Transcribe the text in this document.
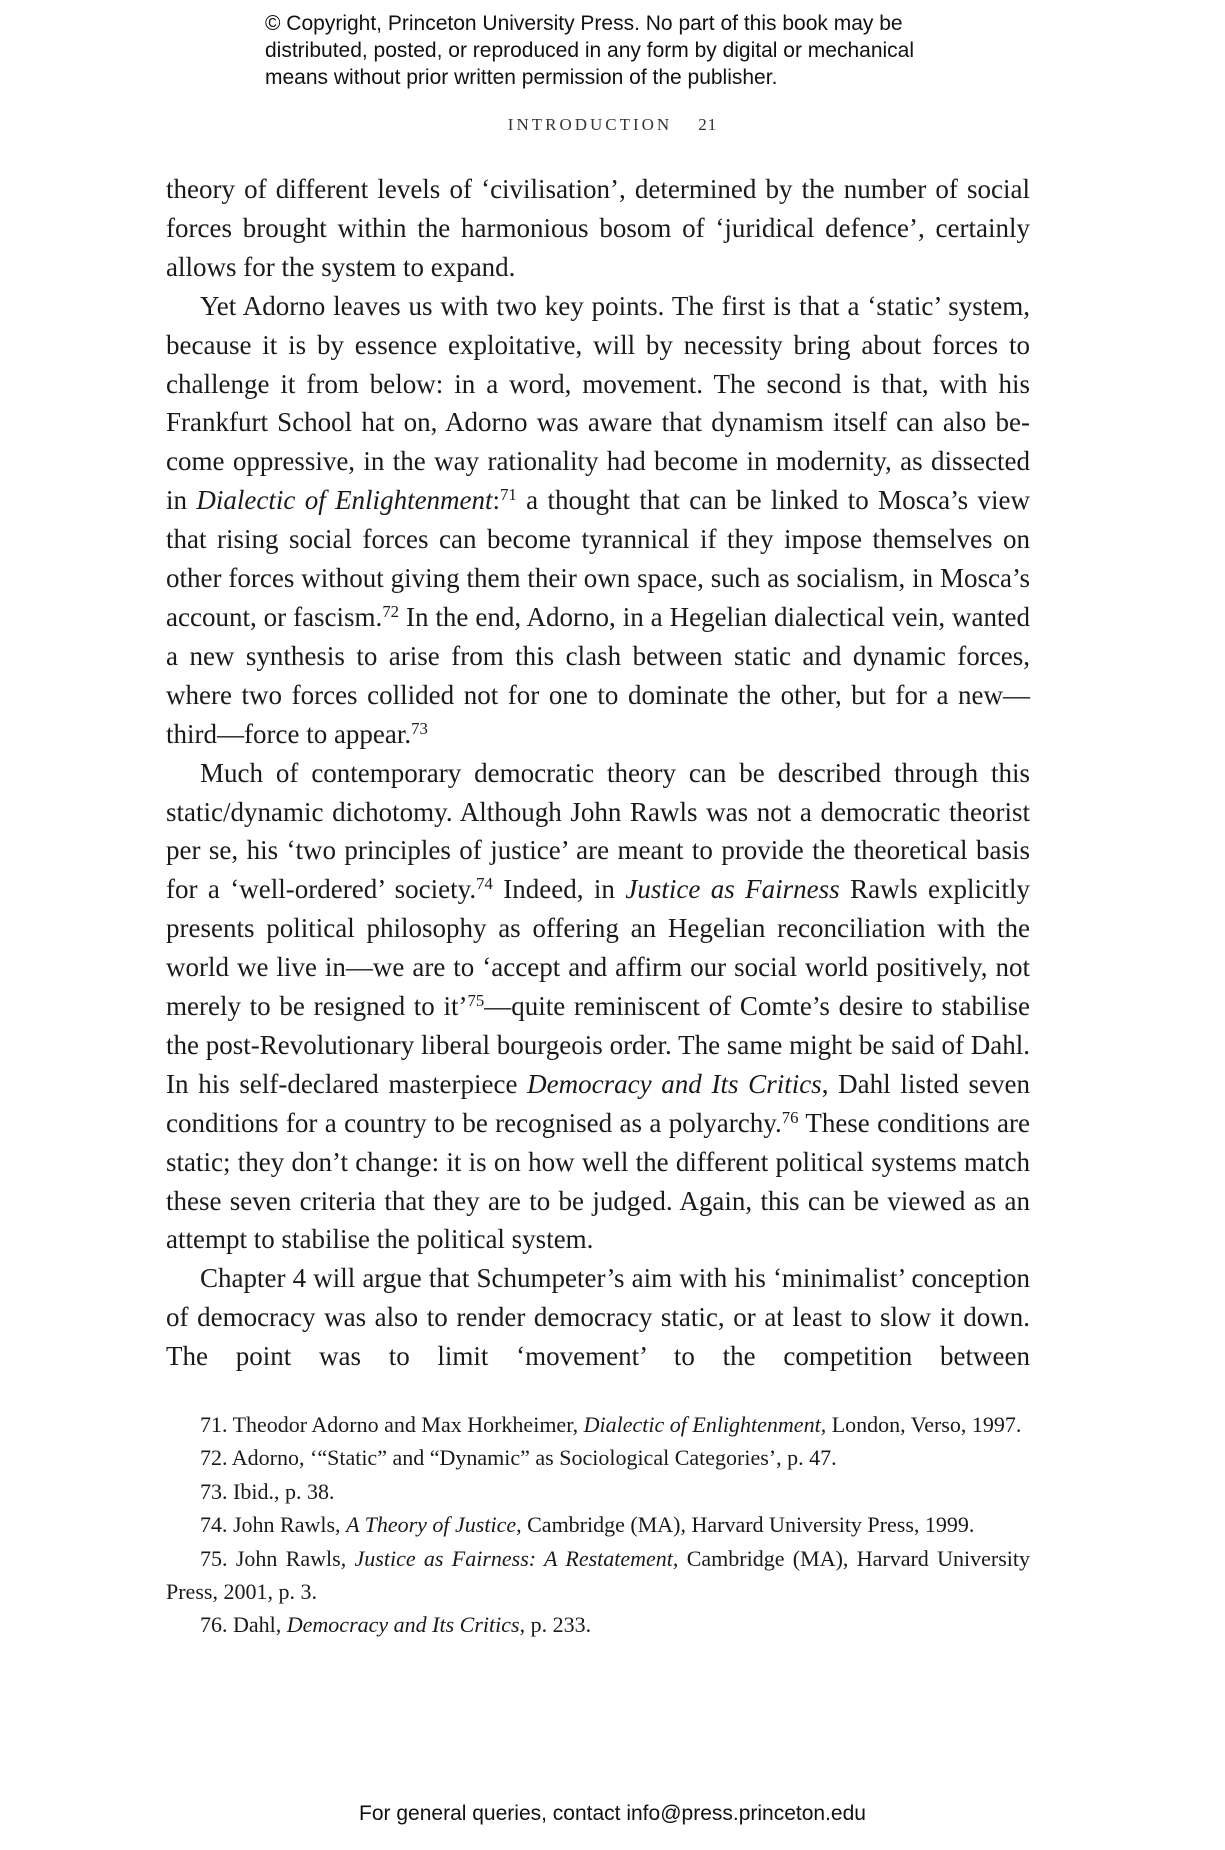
© Copyright, Princeton University Press. No part of this book may be
distributed, posted, or reproduced in any form by digital or mechanical
means without prior written permission of the publisher.
INTRODUCTION 21

theory of different levels of ‘civilisation’, determined by the number of social forces brought within the harmonious bosom of ‘juridical defence’, certainly allows for the system to expand.

Yet Adorno leaves us with two key points. The first is that a ‘static’ system, because it is by essence exploitative, will by necessity bring about forces to challenge it from below: in a word, movement. The second is that, with his Frankfurt School hat on, Adorno was aware that dynamism itself can also become oppressive, in the way rationality had become in modernity, as dissected in Dialectic of Enlightenment:$^{71}$ a thought that can be linked to Mosca’s view that rising social forces can become tyrannical if they impose themselves on other forces without giving them their own space, such as socialism, in Mosca’s account, or fascism.$^{72}$ In the end, Adorno, in a Hegelian dialectical vein, wanted a new synthesis to arise from this clash between static and dynamic forces, where two forces collided not for one to dominate the other, but for a new—third—force to appear.$^{73}$

Much of contemporary democratic theory can be described through this static/dynamic dichotomy. Although John Rawls was not a democratic theorist per se, his ‘two principles of justice’ are meant to provide the theoretical basis for a ‘well-ordered’ society.$^{74}$ Indeed, in Justice as Fairness Rawls explicitly presents political philosophy as offering an Hegelian reconciliation with the world we live in—we are to ‘accept and affirm our social world positively, not merely to be resigned to it’$^{75}$—quite reminiscent of Comte’s desire to stabilise the post-Revolutionary liberal bourgeois order. The same might be said of Dahl. In his self-declared masterpiece Democracy and Its Critics, Dahl listed seven conditions for a country to be recognised as a polyarchy.$^{76}$ These conditions are static; they don’t change: it is on how well the different political systems match these seven criteria that they are to be judged. Again, this can be viewed as an attempt to stabilise the political system.

Chapter 4 will argue that Schumpeter’s aim with his ‘minimalist’ conception of democracy was also to render democracy static, or at least to slow it down. The point was to limit ‘movement’ to the competition between

71. Theodor Adorno and Max Horkheimer, Dialectic of Enlightenment, London, Verso, 1997.

72. Adorno, ‘“Static” and “Dynamic” as Sociological Categories’, p. 47.

73. Ibid., p. 38.

74. John Rawls, A Theory of Justice, Cambridge (MA), Harvard University Press, 1999.

75. John Rawls, Justice as Fairness: A Restatement, Cambridge (MA), Harvard University Press, 2001, p. 3.

76. Dahl, Democracy and Its Critics, p. 233.

For general queries, contact info@press.princeton.edu
